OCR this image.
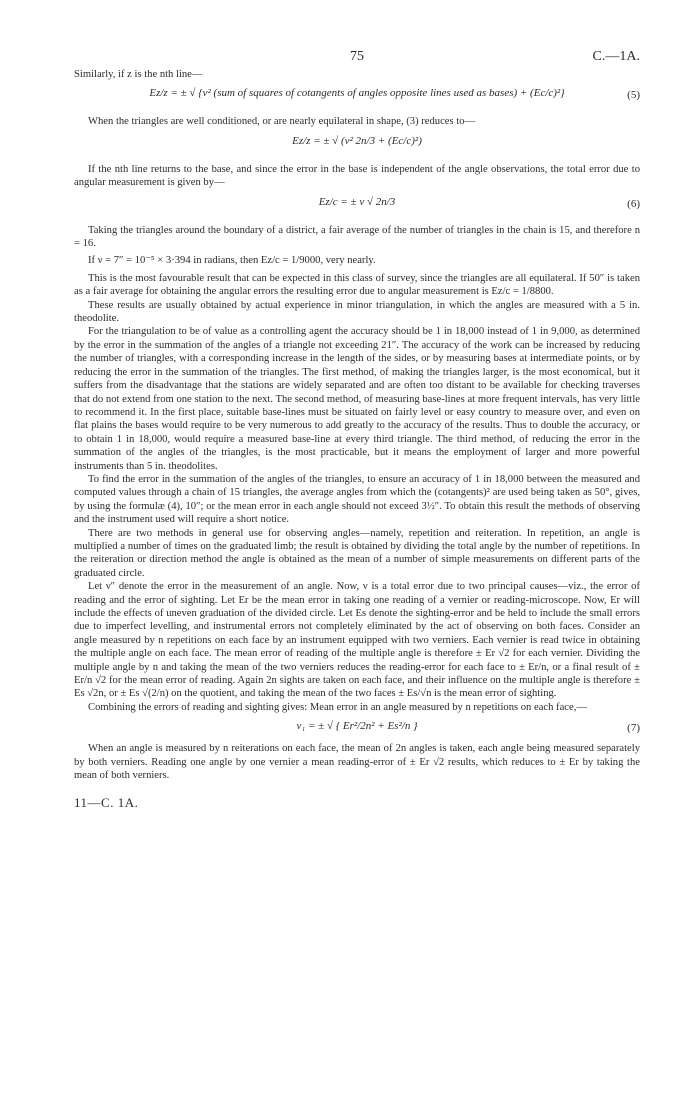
75	C.—1A.

Similarly, if z is the nth line—

Ez/z = ± √ {ν² (sum of squares of cotangents of angles opposite lines used as bases) + (Ec/c)²}	(5)

When the triangles are well conditioned, or are nearly equilateral in shape, (3) reduces to—

Ez/z = ± √ (ν² 2n/3 + (Ec/c)²)

If the nth line returns to the base, and since the error in the base is independent of the angle observations, the total error due to angular measurement is given by—

Ez/c = ± ν √ 2n/3	(6)

Taking the triangles around the boundary of a district, a fair average of the number of triangles in the chain is 15, and therefore n = 16.

If ν = 7″ = 10⁻⁵ × 3·394 in radians, then Ez/c = 1/9000, very nearly.

This is the most favourable result that can be expected in this class of survey, since the triangles are all equilateral. If 50″ is taken as a fair average for obtaining the angular errors the resulting error due to angular measurement is Ez/c = 1/8800.

These results are usually obtained by actual experience in minor triangulation, in which the angles are measured with a 5 in. theodolite.

For the triangulation to be of value as a controlling agent the accuracy should be 1 in 18,000 instead of 1 in 9,000, as determined by the error in the summation of the angles of a triangle not exceeding 21″. The accuracy of the work can be increased by reducing the number of triangles, with a corresponding increase in the length of the sides, or by measuring bases at intermediate points, or by reducing the error in the summation of the triangles. The first method, of making the triangles larger, is the most economical, but it suffers from the disadvantage that the stations are widely separated and are often too distant to be available for checking traverses that do not extend from one station to the next. The second method, of measuring base-lines at more frequent intervals, has very little to recommend it. In the first place, suitable base-lines must be situated on fairly level or easy country to measure over, and even on flat plains the bases would require to be very numerous to add greatly to the accuracy of the results. Thus to double the accuracy, or to obtain 1 in 18,000, would require a measured base-line at every third triangle. The third method, of reducing the error in the summation of the angles of the triangles, is the most practicable, but it means the employment of larger and more powerful instruments than 5 in. theodolites.

To find the error in the summation of the angles of the triangles, to ensure an accuracy of 1 in 18,000 between the measured and computed values through a chain of 15 triangles, the average angles from which the (cotangents)² are used being taken as 50°, gives, by using the formulæ (4), 10″; or the mean error in each angle should not exceed 3½″. To obtain this result the methods of observing and the instrument used will require a short notice.

There are two methods in general use for observing angles—namely, repetition and reiteration. In repetition, an angle is multiplied a number of times on the graduated limb; the result is obtained by dividing the total angle by the number of repetitions. In the reiteration or direction method the angle is obtained as the mean of a number of simple measurements on different parts of the graduated circle.

Let ν″ denote the error in the measurement of an angle. Now, ν is a total error due to two principal causes—viz., the error of reading and the error of sighting. Let Er be the mean error in taking one reading of a vernier or reading-microscope. Now, Er will include the effects of uneven graduation of the divided circle. Let Es denote the sighting-error and be held to include the small errors due to imperfect levelling, and instrumental errors not completely eliminated by the act of observing on both faces. Consider an angle measured by n repetitions on each face by an instrument equipped with two verniers. Each vernier is read twice in obtaining the multiple angle on each face. The mean error of reading of the multiple angle is therefore ± Er √2 for each vernier. Dividing the multiple angle by n and taking the mean of the two verniers reduces the reading-error for each face to ± Er/n, or a final result of ± Er/n √2 for the mean error of reading. Again 2n sights are taken on each face, and their influence on the multiple angle is therefore ± Es √2n, or ± Es √(2/n) on the quotient, and taking the mean of the two faces ± Es/√n is the mean error of sighting.

Combining the errors of reading and sighting gives: Mean error in an angle measured by n repetitions on each face,—

ν₁ = ± √ { Er²/2n² + Es²/n }	(7)

When an angle is measured by n reiterations on each face, the mean of 2n angles is taken, each angle being measured separately by both verniers. Reading one angle by one vernier a mean reading-error of ± Er √2 results, which reduces to ± Er by taking the mean of both verniers.

11—C. 1A.
